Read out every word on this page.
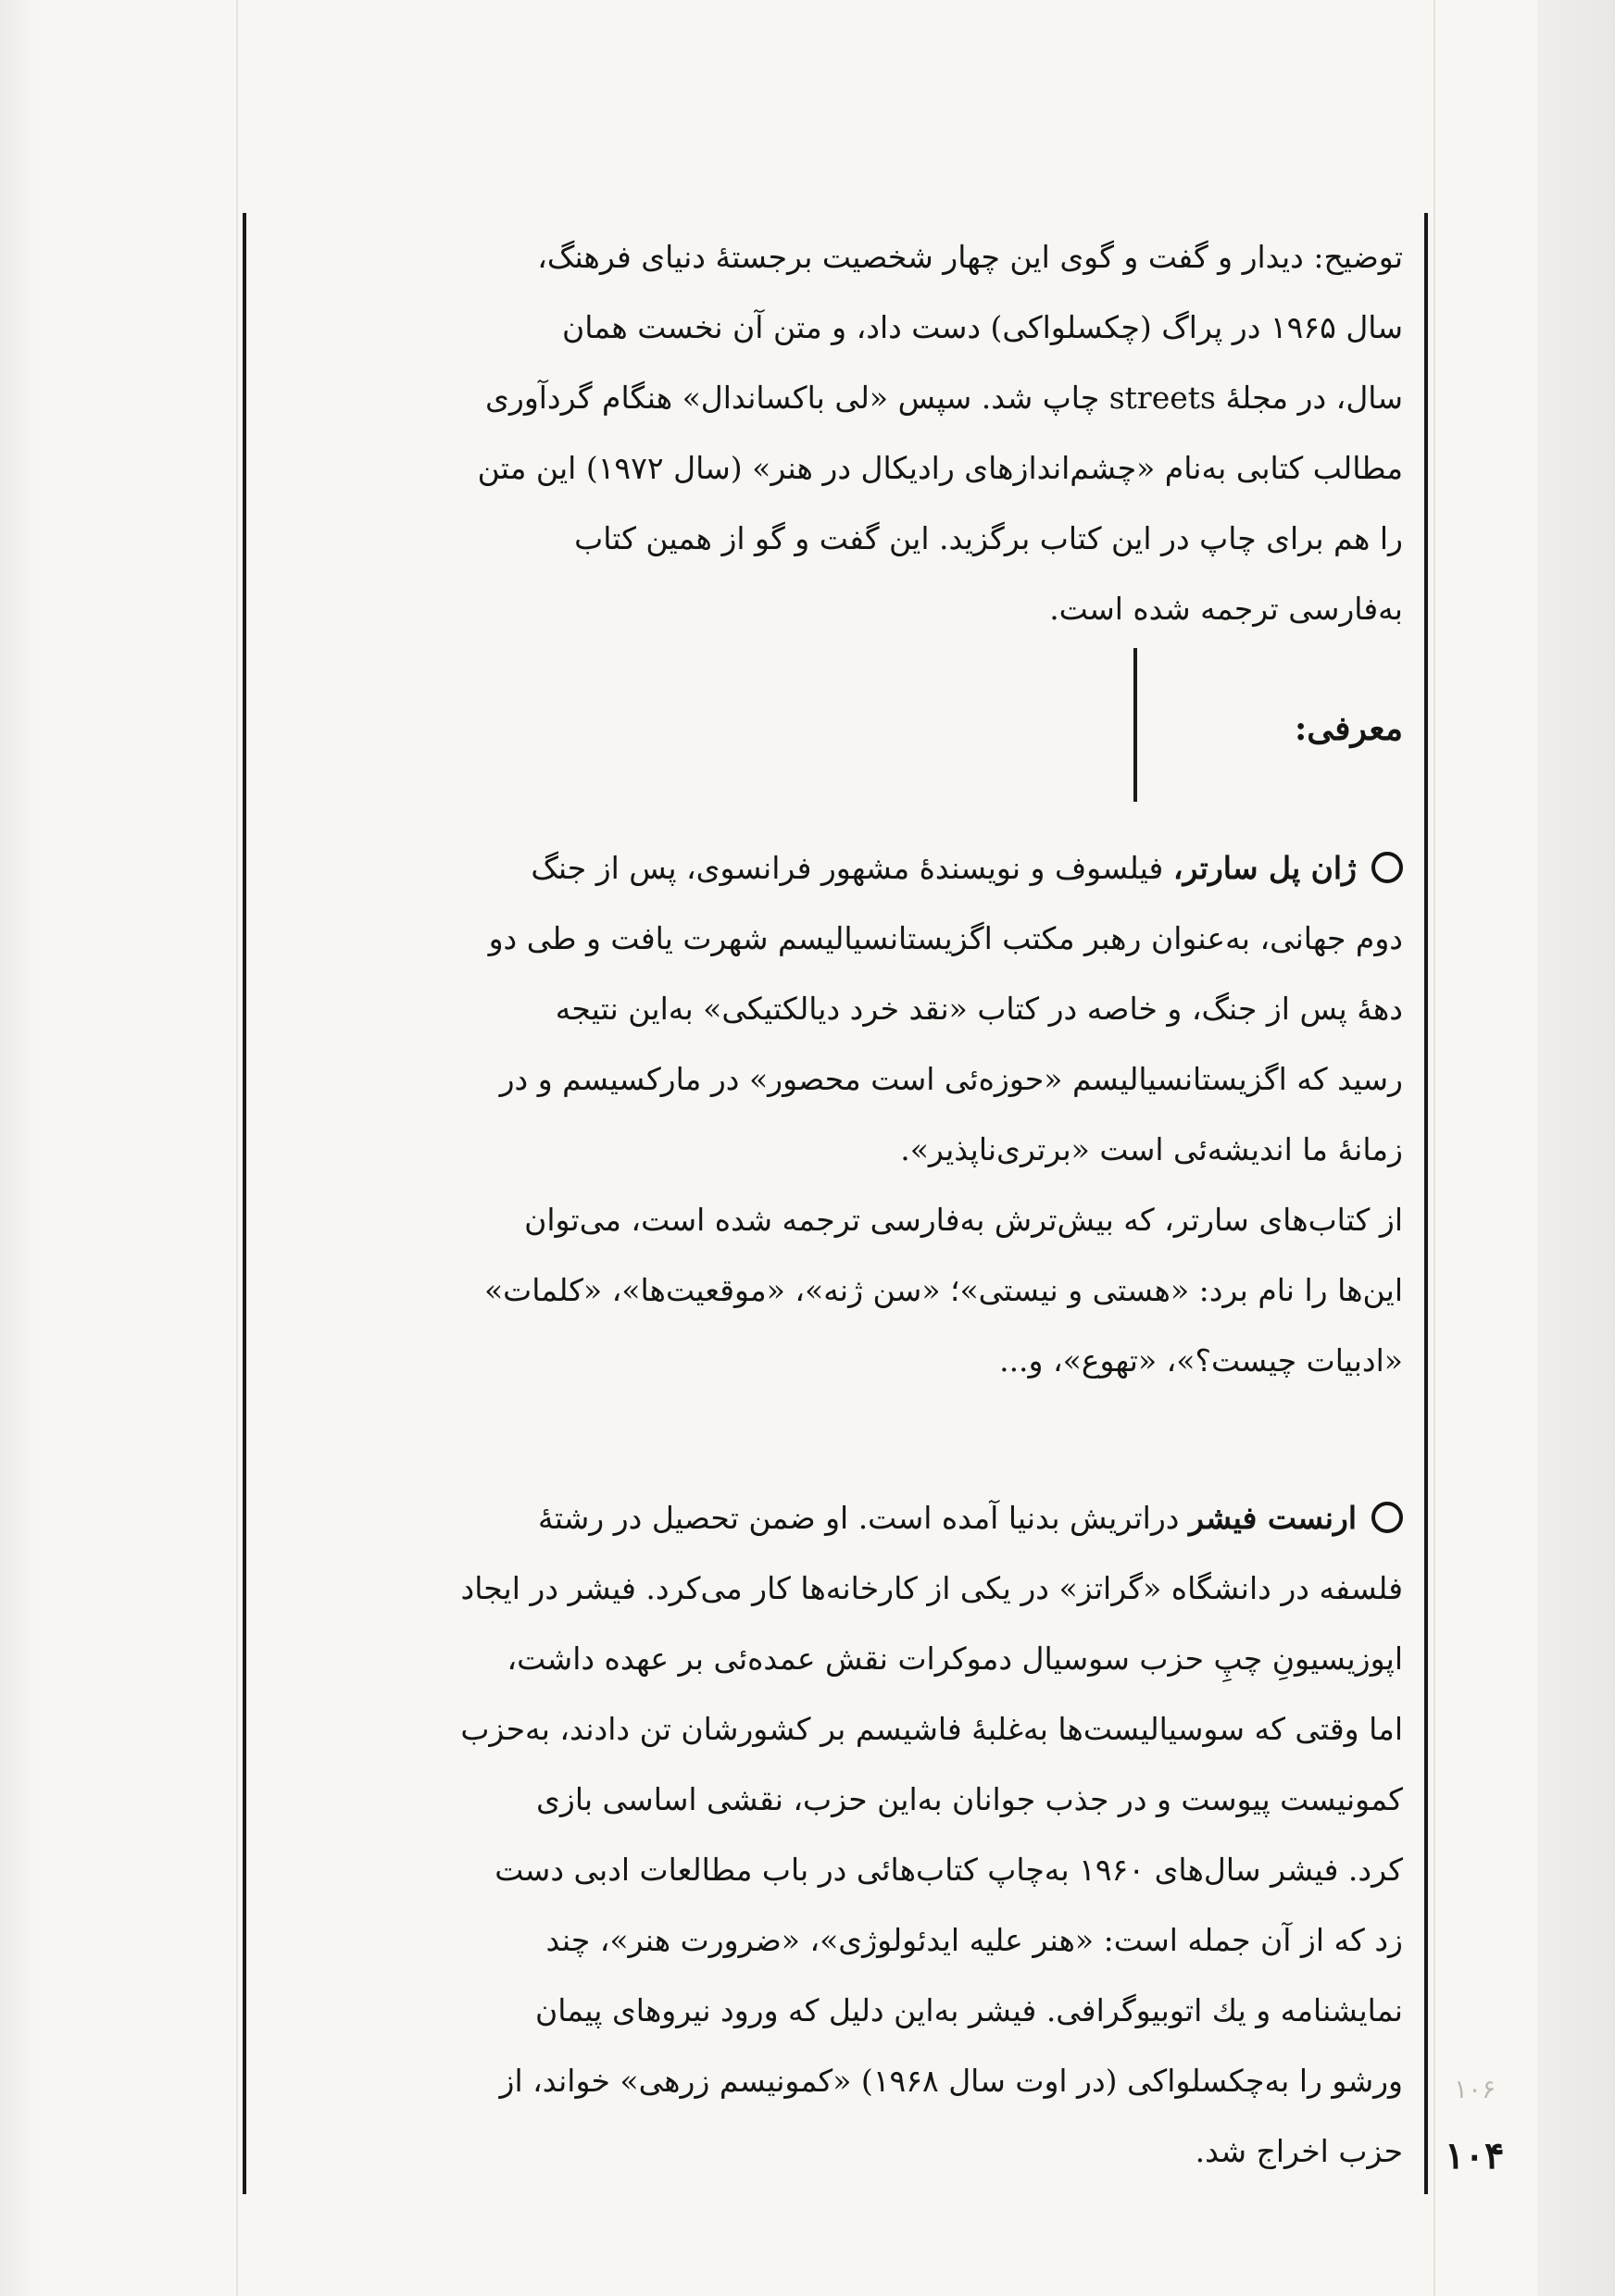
توضیح: دیدار و گفت و گوی این چهار شخصیت برجستهٔ دنیای فرهنگ،

سال ۱۹۶۵ در پراگ (چکسلواکی) دست داد، و متن آن نخست همان

سال، در مجلهٔ streets چاپ شد. سپس «لی باکساندال» هنگام گردآوری

مطالب کتابی به‌نام «چشم‌اندازهای رادیکال در هنر» (سال ۱۹۷۲) این متن

را هم برای چاپ در این کتاب برگزید. این گفت و گو از همین کتاب

به‌فارسی ترجمه شده است.

معرفی:

ژان پل سارتر، فیلسوف و نویسندهٔ مشهور فرانسوی، پس از جنگ

دوم جهانی، به‌عنوان رهبر مکتب اگزیستانسیالیسم شهرت یافت و طی دو

دههٔ پس از جنگ، و خاصه در کتاب «نقد خرد دیالکتیکی» به‌این نتیجه

رسید که اگزیستانسیالیسم «حوزه‌ئی است محصور» در مارکسیسم و در

زمانهٔ ما اندیشه‌ئی است «برتری‌ناپذیر».

از کتاب‌های سارتر، که بیش‌ترش به‌فارسی ترجمه شده است، می‌توان

این‌ها را نام برد: «هستی و نیستی»؛ «سن ژنه»، «موقعیت‌ها»، «کلمات»

«ادبیات چیست؟»، «تهوع»، و...

ارنست فیشر دراتریش بدنیا آمده است. او ضمن تحصیل در رشتهٔ

فلسفه در دانشگاه «گراتز» در یکی از کارخانه‌ها کار می‌کرد. فیشر در ایجاد

اپوزیسیونِ چپِ حزب سوسیال دموکرات نقش عمده‌ئی بر عهده داشت،

اما وقتی که سوسیالیست‌ها به‌غلبهٔ فاشیسم بر کشورشان تن دادند، به‌حزب

کمونیست پیوست و در جذب جوانان به‌این حزب، نقشی اساسی بازی

کرد. فیشر سال‌های ۱۹۶۰ به‌چاپ کتاب‌هائی در باب مطالعات ادبی دست

زد که از آن جمله است: «هنر علیه ایدئولوژی»، «ضرورت هنر»، چند

نمایشنامه و یك اتوبیوگرافی. فیشر به‌این دلیل که ورود نیروهای پیمان

ورشو را به‌چکسلواکی (در اوت سال ۱۹۶۸) «کمونیسم زرهی» خواند، از

حزب اخراج شد.

۱۰۶
۱۰۴
